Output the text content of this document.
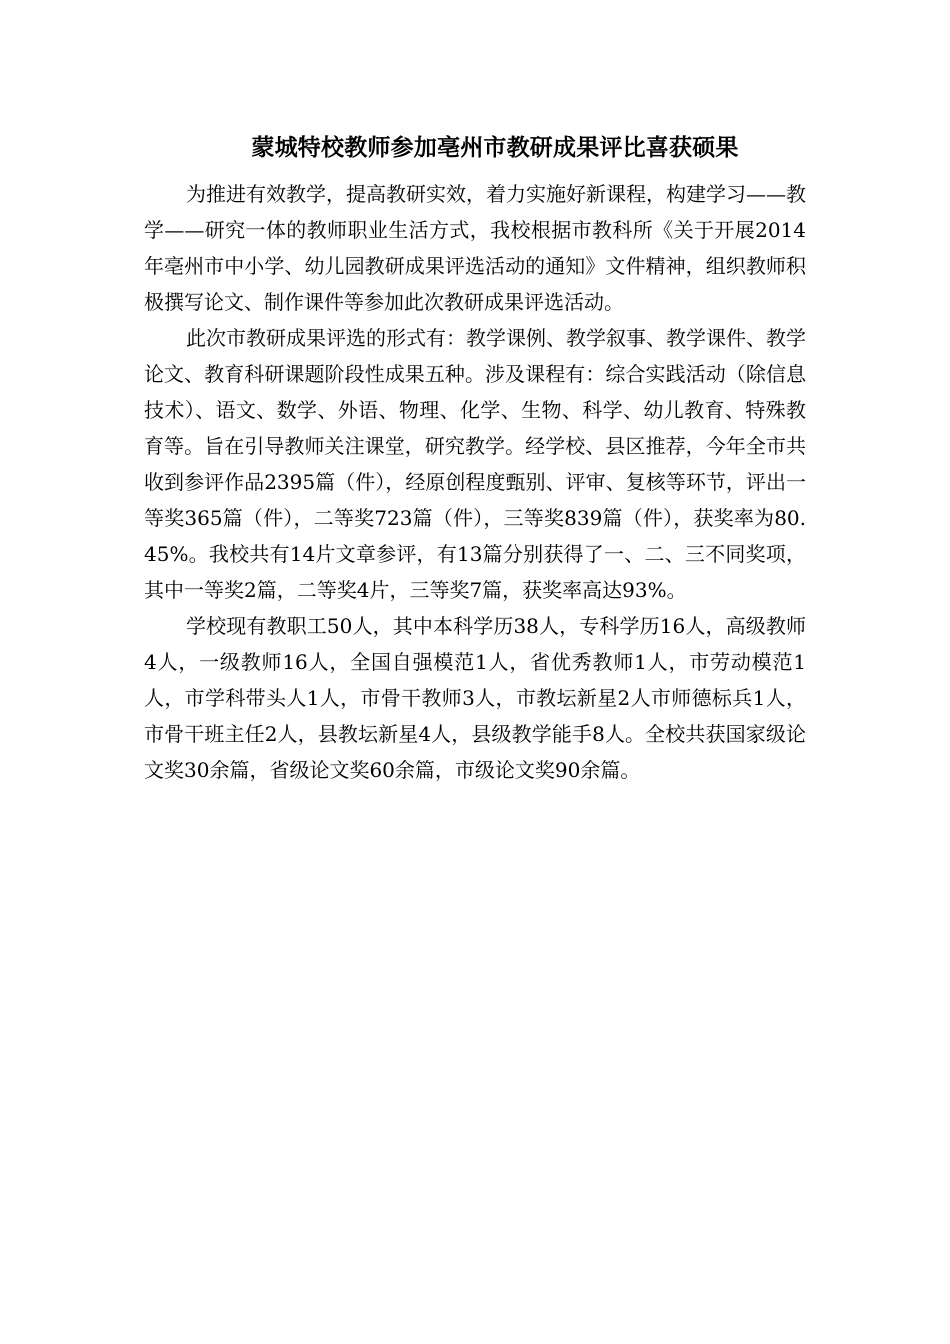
蒙城特校教师参加亳州市教研成果评比喜获硕果

为推进有效教学，提高教研实效，着力实施好新课程，构建学习——教学——研究一体的教师职业生活方式，我校根据市教科所《关于开展2014年亳州市中小学、幼儿园教研成果评选活动的通知》文件精神，组织教师积极撰写论文、制作课件等参加此次教研成果评选活动。

此次市教研成果评选的形式有：教学课例、教学叙事、教学课件、教学论文、教育科研课题阶段性成果五种。涉及课程有：综合实践活动（除信息技术）、语文、数学、外语、物理、化学、生物、科学、幼儿教育、特殊教育等。旨在引导教师关注课堂，研究教学。经学校、县区推荐，今年全市共收到参评作品2395篇（件），经原创程度甄别、评审、复核等环节，评出一等奖365篇（件），二等奖723篇（件），三等奖839篇（件），获奖率为80.45%。我校共有14片文章参评，有13篇分别获得了一、二、三不同奖项，其中一等奖2篇，二等奖4片，三等奖7篇，获奖率高达93%。

学校现有教职工50人，其中本科学历38人，专科学历16人，高级教师4人，一级教师16人，全国自强模范1人，省优秀教师1人，市劳动模范1人，市学科带头人1人，市骨干教师3人，市教坛新星2人市师德标兵1人，市骨干班主任2人，县教坛新星4人，县级教学能手8人。全校共获国家级论文奖30余篇，省级论文奖60余篇，市级论文奖90余篇。
